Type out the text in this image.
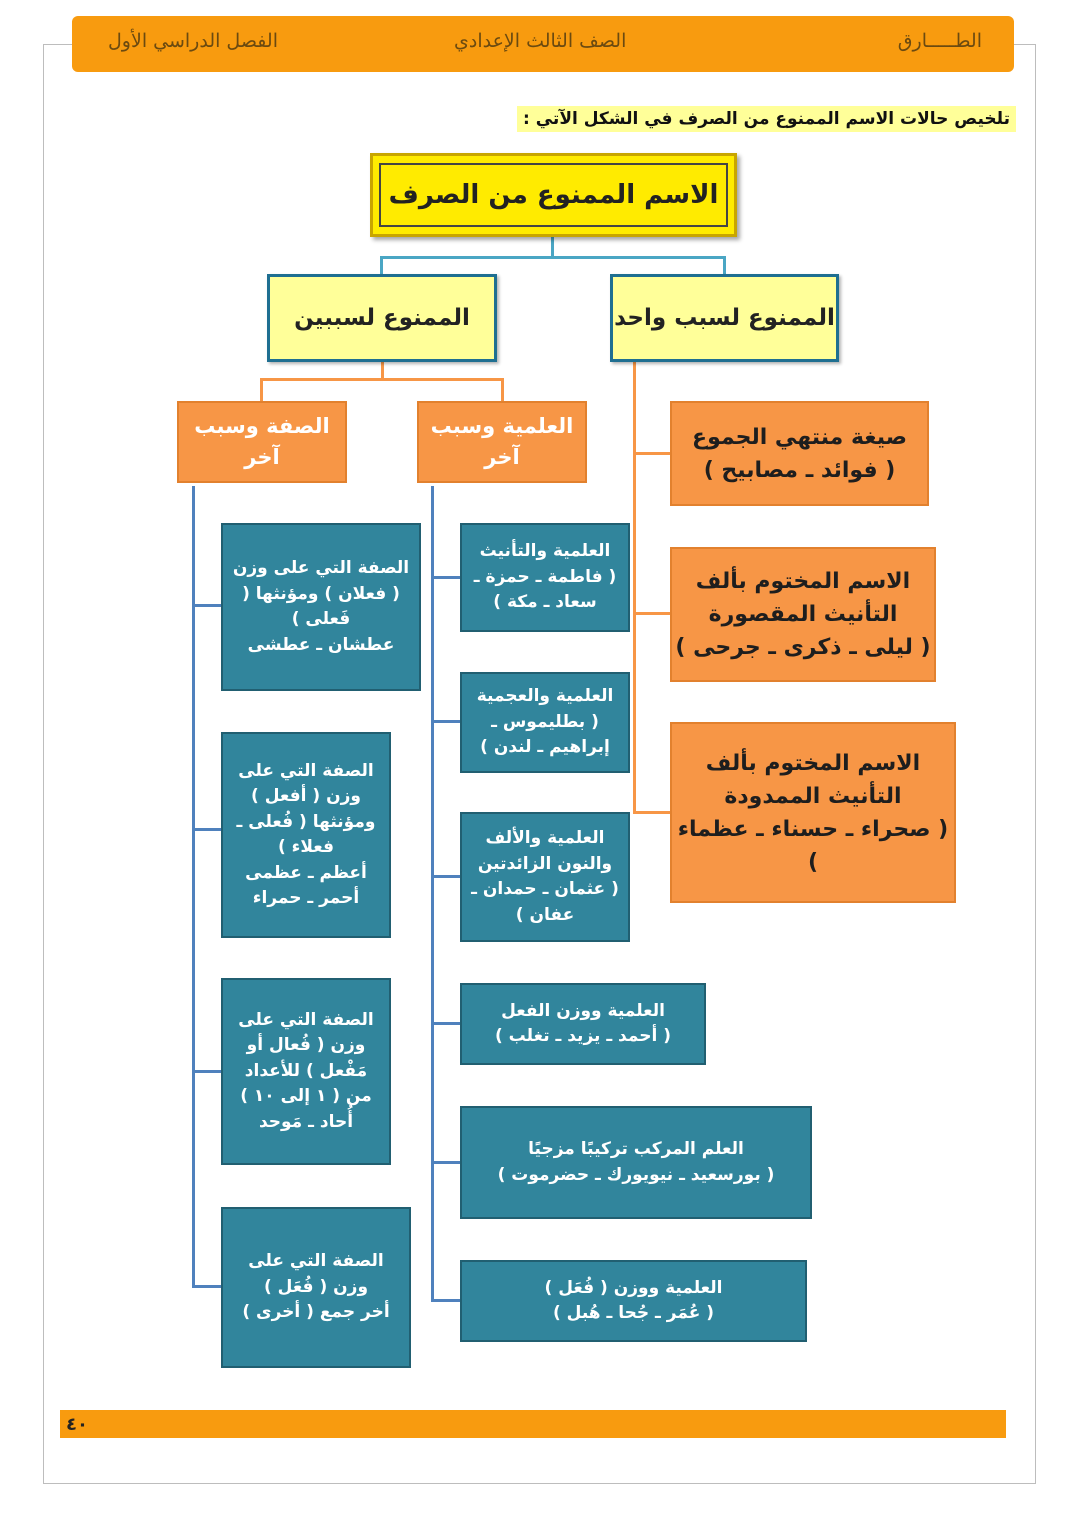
الطـــــارق
الصف الثالث الإعدادي
الفصل الدراسي الأول
تلخيص حالات الاسم الممنوع من الصرف في الشكل الآتي :
الاسم الممنوع من الصرف
الممنوع لسببين	الممنوع لسبب واحد
العلمية وسبب آخر
الصفة وسبب آخر
صيغة منتهي الجموع
( فوائد ـ مصابيح )
الاسم المختوم بألف التأنيث المقصورة
( ليلى ـ ذكرى ـ جرحى )
الاسم المختوم بألف التأنيث الممدودة
( صحراء ـ حسناء ـ عظماء )
العلمية والتأنيث
( فاطمة ـ حمزة ـ سعاد ـ مكة )
العلمية والعجمية
( بطليموس ـ إبراهيم ـ لندن )
العلمية والألف والنون الزائدتين
( عثمان ـ حمدان ـ عفان )
العلمية ووزن الفعل
( أحمد ـ يزيد ـ تغلب )
العلم المركب تركيبًا مزجيًا
( بورسعيد ـ نيويورك ـ حضرموت )
العلمية ووزن ( فُعَل )
( عُمَر ـ جُحا ـ هُبل )
الصفة التي على وزن ( فعلان ) ومؤنثها ( فَعلى )
عطشان ـ عطشى
الصفة التي على وزن ( أفعل ) ومؤنثها ( فُعلى ـ فعلاء )
أعظم ـ عظمى أحمر ـ حمراء
الصفة التي على وزن ( فُعال أو مَفْعل ) للأعداد من ( ١ إلى ١٠ )
أُحاد ـ مَوحد
الصفة التي على وزن ( فُعَل )
أخر جمع ( أخرى )
٤٠
